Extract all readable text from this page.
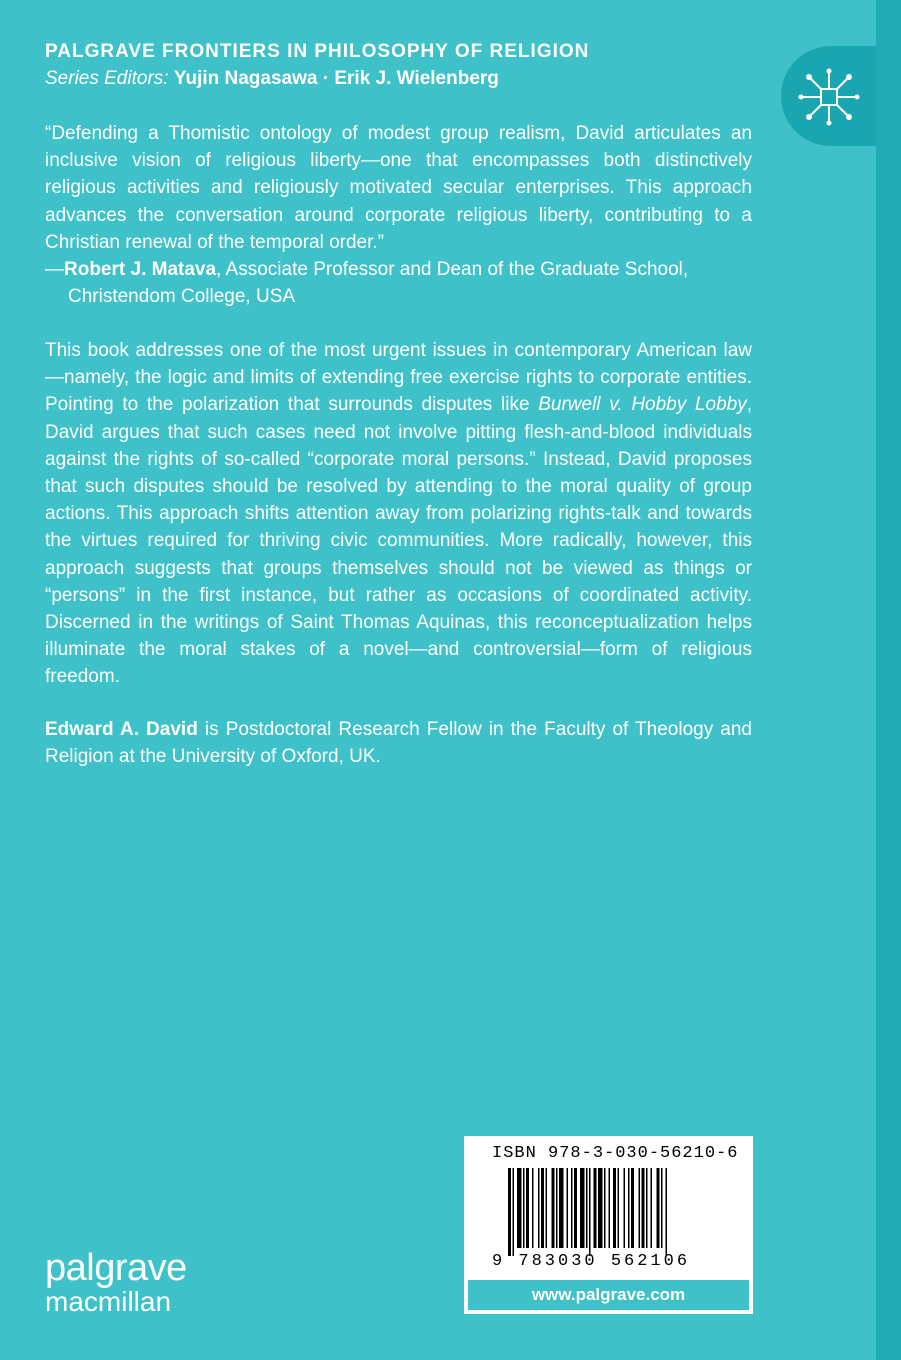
PALGRAVE FRONTIERS IN PHILOSOPHY OF RELIGION
Series Editors: Yujin Nagasawa · Erik J. Wielenberg
“Defending a Thomistic ontology of modest group realism, David articulates an inclusive vision of religious liberty—one that encompasses both distinctively religious activities and religiously motivated secular enterprises. This approach advances the conversation around corporate religious liberty, contributing to a Christian renewal of the temporal order.”
—Robert J. Matava, Associate Professor and Dean of the Graduate School,
Christendom College, USA
This book addresses one of the most urgent issues in contemporary American law—namely, the logic and limits of extending free exercise rights to corporate entities. Pointing to the polarization that surrounds disputes like Burwell v. Hobby Lobby, David argues that such cases need not involve pitting flesh-and-blood individuals against the rights of so-called “corporate moral persons.” Instead, David proposes that such disputes should be resolved by attending to the moral quality of group actions. This approach shifts attention away from polarizing rights-talk and towards the virtues required for thriving civic communities. More radically, however, this approach suggests that groups themselves should not be viewed as things or “persons” in the first instance, but rather as occasions of coordinated activity. Discerned in the writings of Saint Thomas Aquinas, this reconceptualization helps illuminate the moral stakes of a novel—and controversial—form of religious freedom.
Edward A. David is Postdoctoral Research Fellow in the Faculty of Theology and Religion at the University of Oxford, UK.
ISBN 978-3-030-56210-6
9 783030 562106
www.palgrave.com
palgrave
macmillan
